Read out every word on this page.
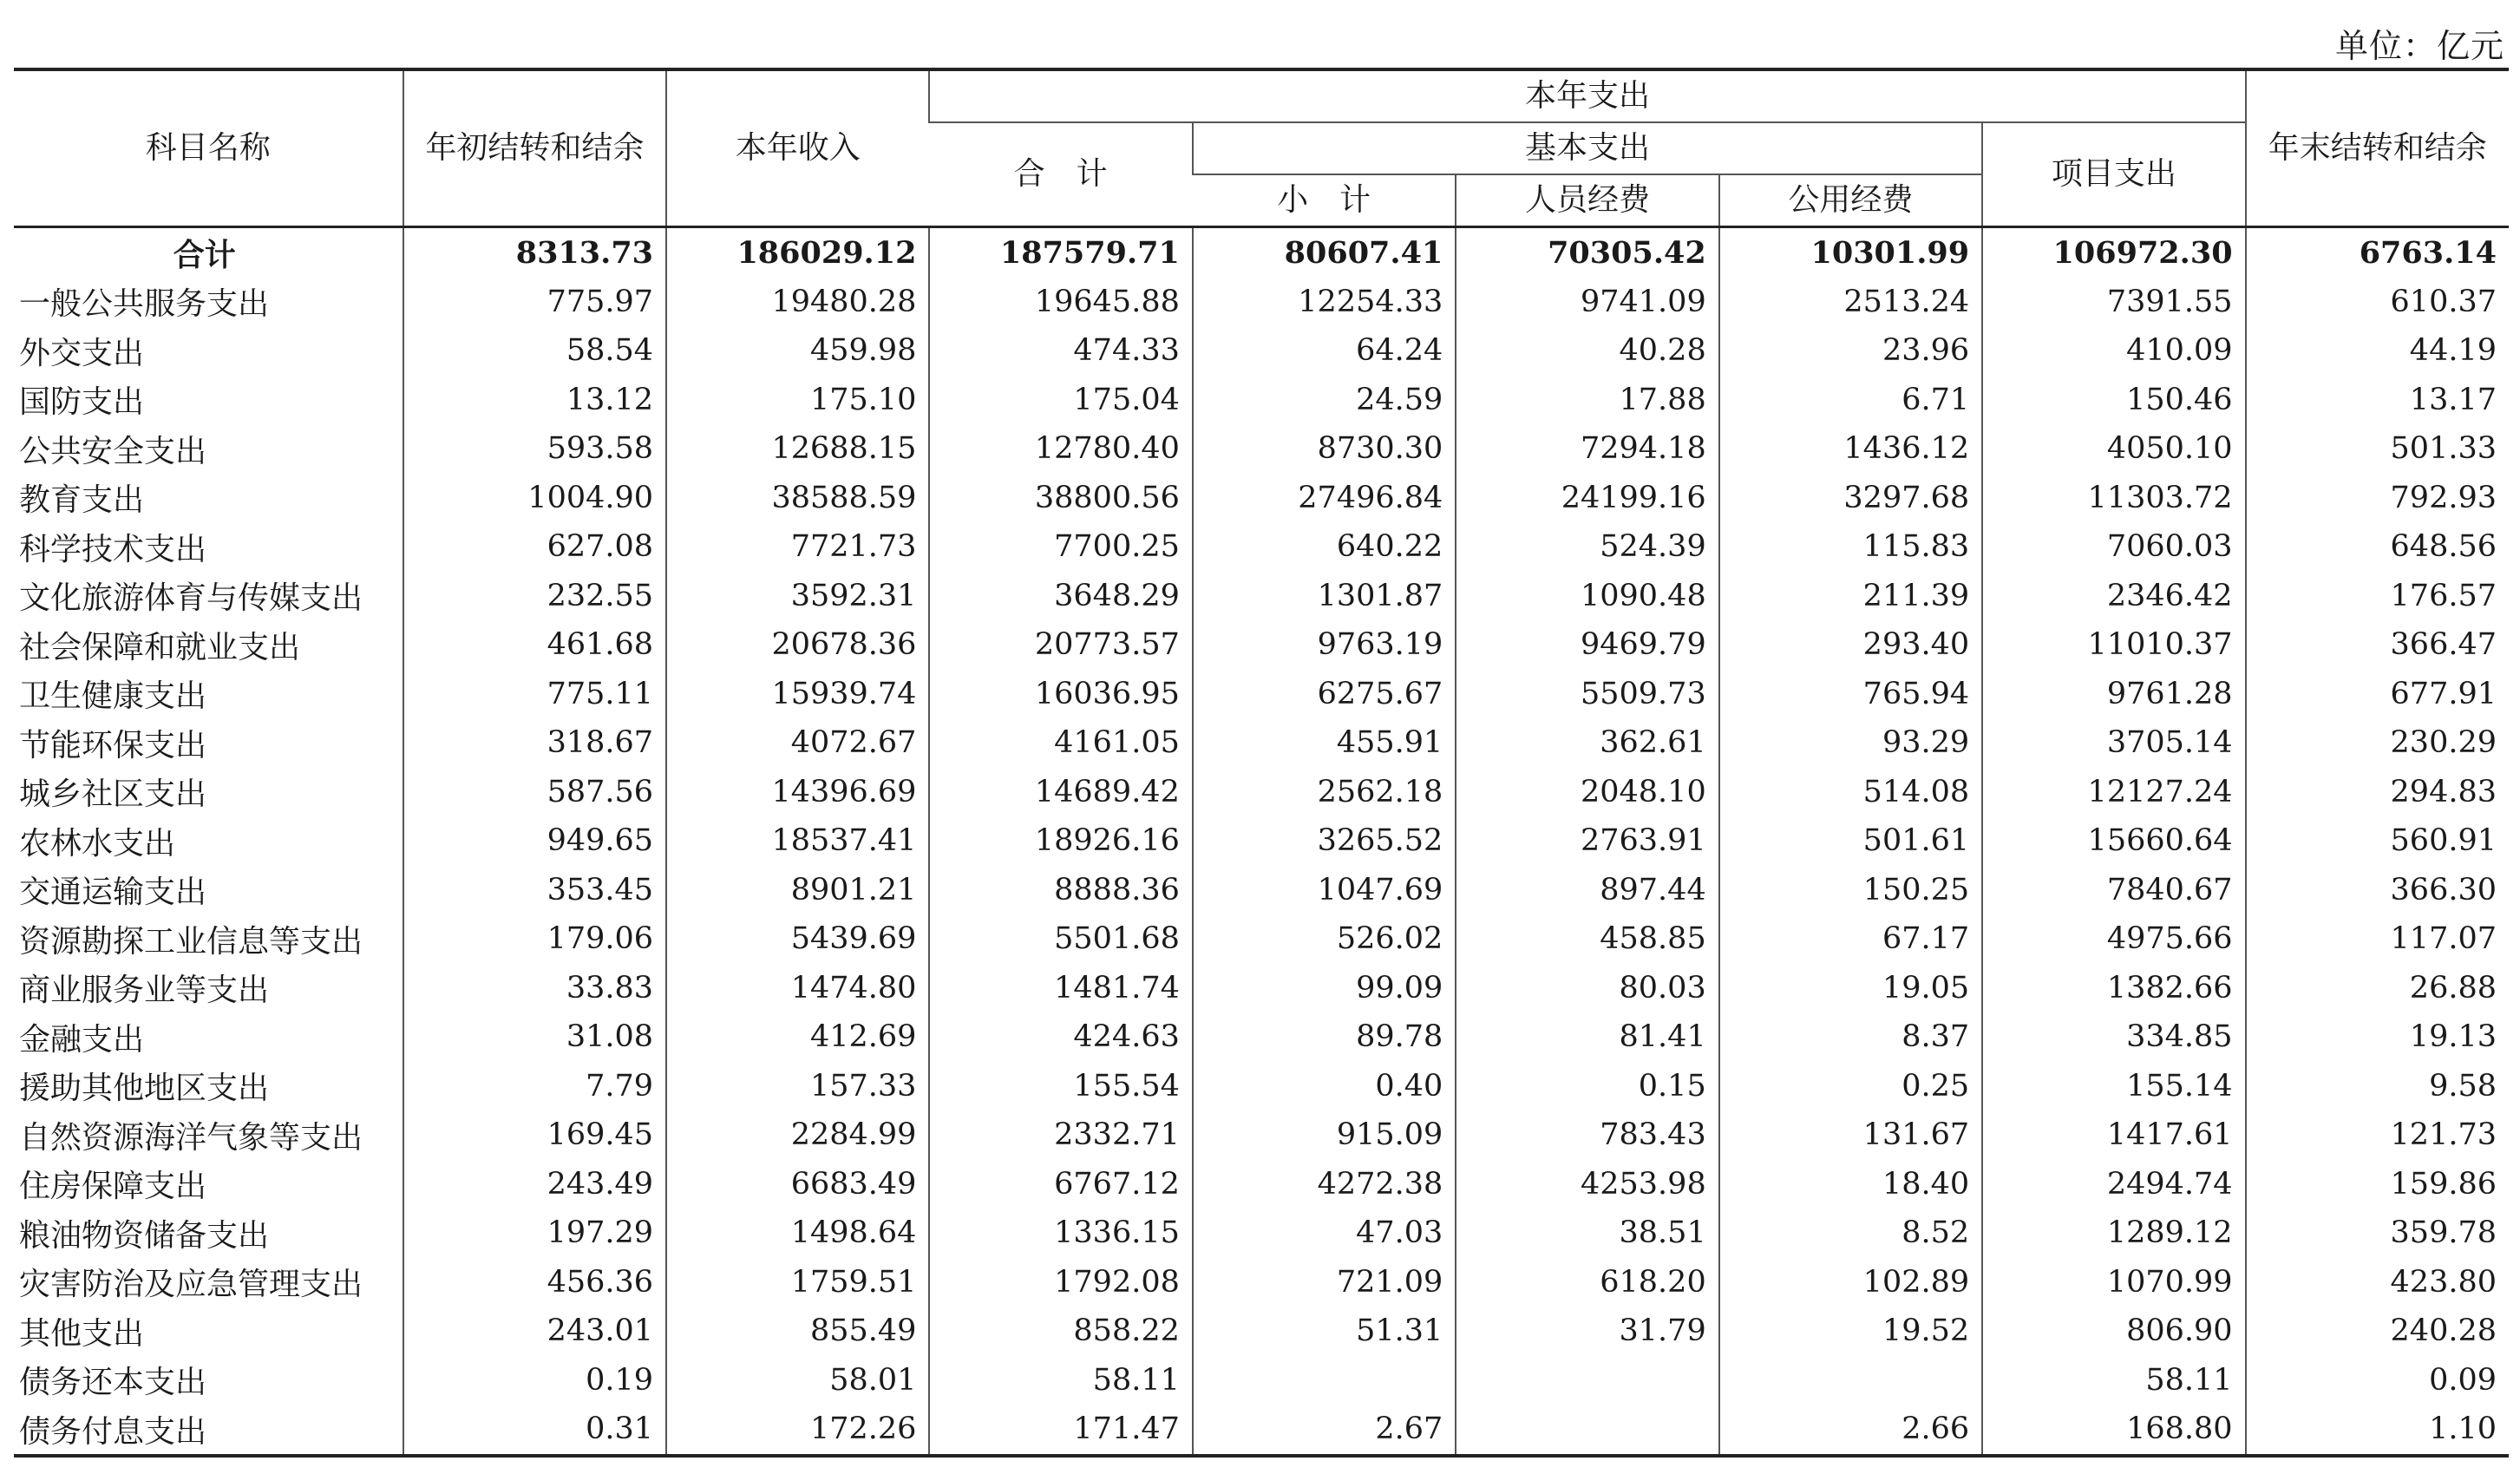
单位：亿元
科目名称	年初结转和结余	本年收入	本年支出					年末结转和结余
			合　计	基本支出			项目支出	
				小　计	人员经费	公用经费		
合计	8313.73	186029.12	187579.71	80607.41	70305.42	10301.99	106972.30	6763.14
一般公共服务支出	775.97	19480.28	19645.88	12254.33	9741.09	2513.24	7391.55	610.37
外交支出	58.54	459.98	474.33	64.24	40.28	23.96	410.09	44.19
国防支出	13.12	175.10	175.04	24.59	17.88	6.71	150.46	13.17
公共安全支出	593.58	12688.15	12780.40	8730.30	7294.18	1436.12	4050.10	501.33
教育支出	1004.90	38588.59	38800.56	27496.84	24199.16	3297.68	11303.72	792.93
科学技术支出	627.08	7721.73	7700.25	640.22	524.39	115.83	7060.03	648.56
文化旅游体育与传媒支出	232.55	3592.31	3648.29	1301.87	1090.48	211.39	2346.42	176.57
社会保障和就业支出	461.68	20678.36	20773.57	9763.19	9469.79	293.40	11010.37	366.47
卫生健康支出	775.11	15939.74	16036.95	6275.67	5509.73	765.94	9761.28	677.91
节能环保支出	318.67	4072.67	4161.05	455.91	362.61	93.29	3705.14	230.29
城乡社区支出	587.56	14396.69	14689.42	2562.18	2048.10	514.08	12127.24	294.83
农林水支出	949.65	18537.41	18926.16	3265.52	2763.91	501.61	15660.64	560.91
交通运输支出	353.45	8901.21	8888.36	1047.69	897.44	150.25	7840.67	366.30
资源勘探工业信息等支出	179.06	5439.69	5501.68	526.02	458.85	67.17	4975.66	117.07
商业服务业等支出	33.83	1474.80	1481.74	99.09	80.03	19.05	1382.66	26.88
金融支出	31.08	412.69	424.63	89.78	81.41	8.37	334.85	19.13
援助其他地区支出	7.79	157.33	155.54	0.40	0.15	0.25	155.14	9.58
自然资源海洋气象等支出	169.45	2284.99	2332.71	915.09	783.43	131.67	1417.61	121.73
住房保障支出	243.49	6683.49	6767.12	4272.38	4253.98	18.40	2494.74	159.86
粮油物资储备支出	197.29	1498.64	1336.15	47.03	38.51	8.52	1289.12	359.78
灾害防治及应急管理支出	456.36	1759.51	1792.08	721.09	618.20	102.89	1070.99	423.80
其他支出	243.01	855.49	858.22	51.31	31.79	19.52	806.90	240.28
债务还本支出	0.19	58.01	58.11				58.11	0.09
债务付息支出	0.31	172.26	171.47	2.67		2.66	168.80	1.10
